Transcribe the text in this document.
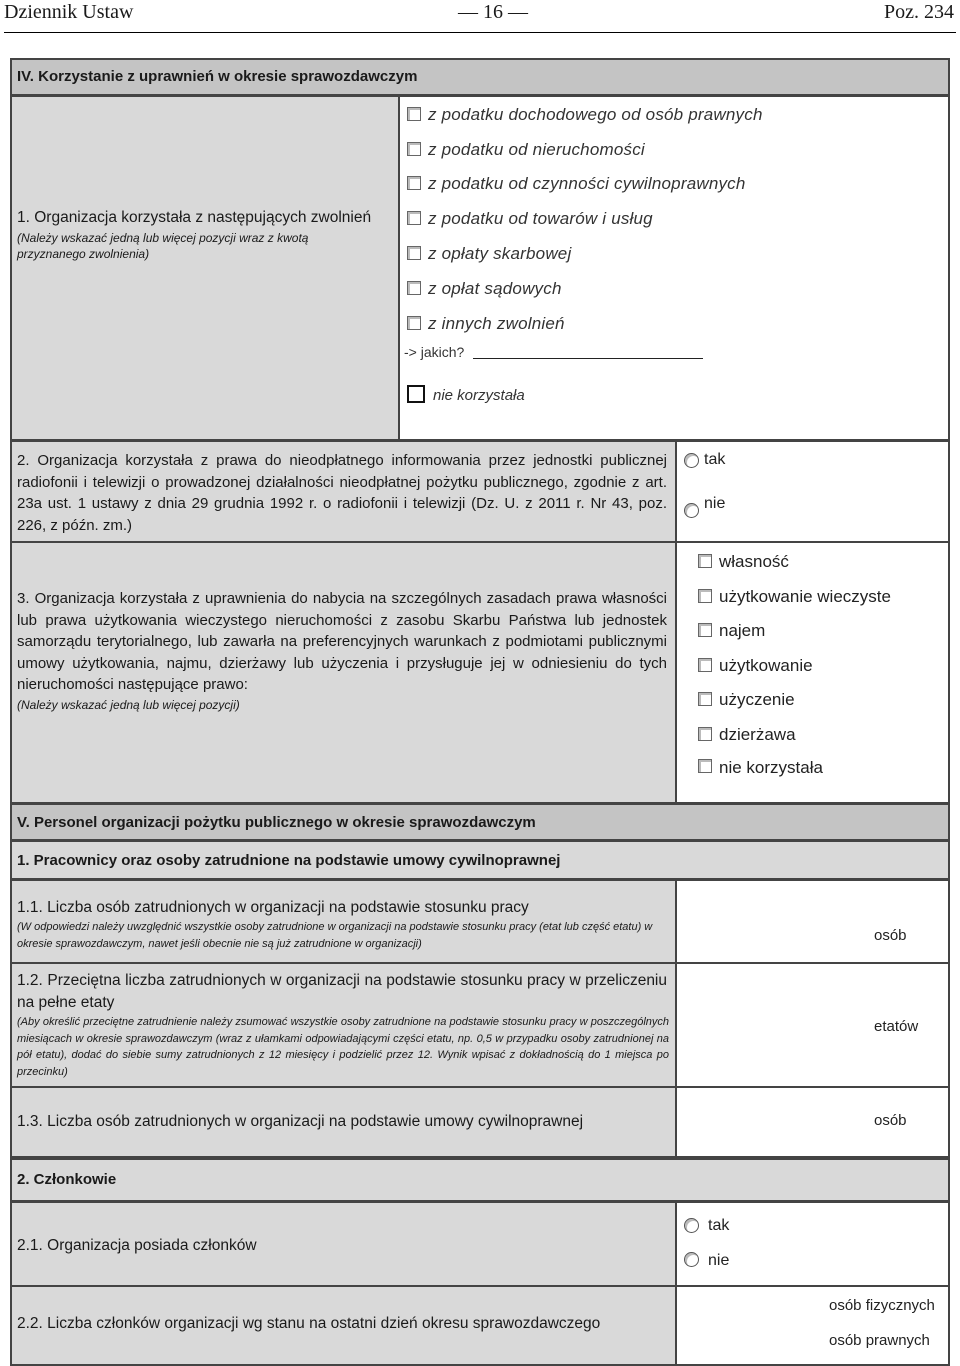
Dziennik Ustaw	— 16 —	Poz. 234
IV. Korzystanie z uprawnień w okresie sprawozdawczym
1. Organizacja korzystała z następujących zwolnień
(Należy wskazać jedną lub więcej pozycji wraz z kwotą przyznanego zwolnienia)
z podatku dochodowego od osób prawnych
z podatku od nieruchomości
z podatku od czynności cywilnoprawnych
z podatku od towarów i usług
z opłaty skarbowej
z opłat sądowych
z innych zwolnień
-> jakich?
nie korzystała
2. Organizacja korzystała z prawa do nieodpłatnego informowania przez jednostki publicznej radiofonii i telewizji o prowadzonej działalności nieodpłatnej pożytku publicznego, zgodnie z art. 23a ust. 1 ustawy z dnia 29 grudnia 1992 r. o radiofonii i telewizji (Dz. U. z 2011 r. Nr 43, poz. 226, z późn. zm.)
tak
nie
3. Organizacja korzystała z uprawnienia do nabycia na szczególnych zasadach prawa własności lub prawa użytkowania wieczystego nieruchomości z zasobu Skarbu Państwa lub jednostek samorządu terytorialnego, lub zawarła na preferencyjnych warunkach z podmiotami publicznymi umowy użytkowania, najmu, dzierżawy lub użyczenia i przysługuje jej w odniesieniu do tych nieruchomości następujące prawo:
(Należy wskazać jedną lub więcej pozycji)
własność
użytkowanie wieczyste
najem
użytkowanie
użyczenie
dzierżawa
nie korzystała
V. Personel organizacji pożytku publicznego w okresie sprawozdawczym
1. Pracownicy oraz osoby zatrudnione na podstawie umowy cywilnoprawnej
1.1. Liczba osób zatrudnionych w organizacji na podstawie stosunku pracy
(W odpowiedzi należy uwzględnić wszystkie osoby zatrudnione w organizacji na podstawie stosunku pracy (etat lub część etatu) w okresie sprawozdawczym, nawet jeśli obecnie nie są już zatrudnione w organizacji)	osób
1.2. Przeciętna liczba zatrudnionych w organizacji na podstawie stosunku pracy w przeliczeniu na pełne etaty
(Aby określić przeciętne zatrudnienie należy zsumować wszystkie osoby zatrudnione na podstawie stosunku pracy w poszczególnych miesiącach w okresie sprawozdawczym (wraz z ułamkami odpowiadającymi części etatu, np. 0,5 w przypadku osoby zatrudnionej na pół etatu), dodać do siebie sumy zatrudnionych z 12 miesięcy i podzielić przez 12. Wynik wpisać z dokładnością do 1 miejsca po przecinku)
etatów
1.3. Liczba osób zatrudnionych w organizacji na podstawie umowy cywilnoprawnej	osób
2. Członkowie
2.1. Organizacja posiada członków
tak
nie
2.2. Liczba członków organizacji wg stanu na ostatni dzień okresu sprawozdawczego
osób fizycznych
osób prawnych
